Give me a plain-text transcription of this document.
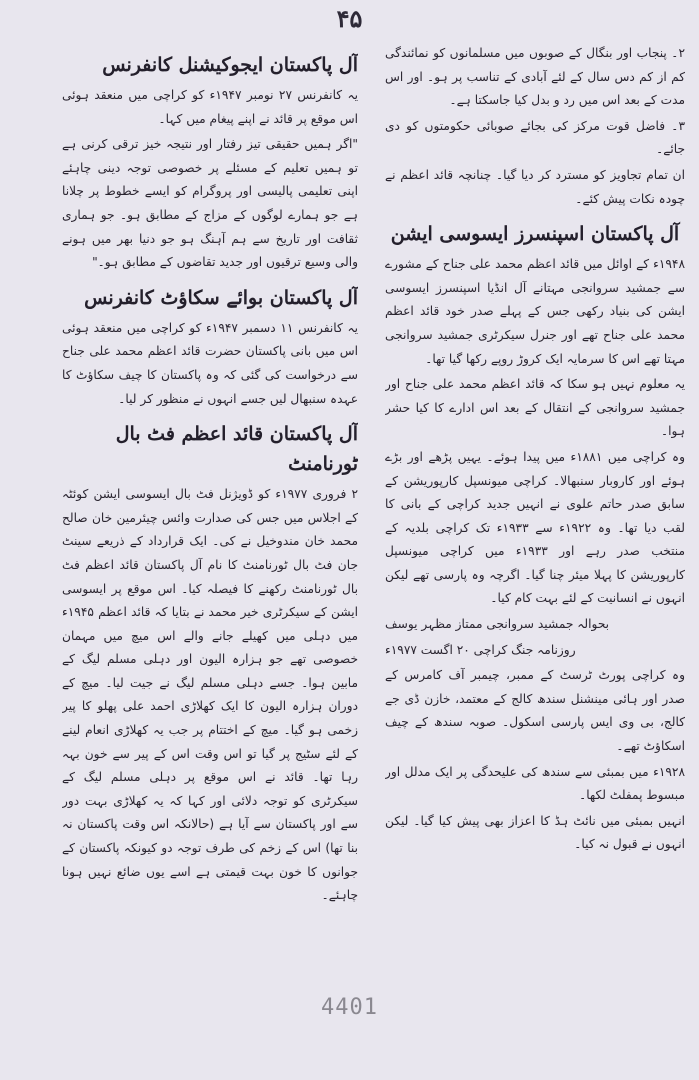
۴۵

۲۔ پنجاب اور بنگال کے صوبوں میں مسلمانوں کو نمائندگی کم از کم دس سال کے لئے آبادی کے تناسب پر ہو۔ اور اس مدت کے بعد اس میں رد و بدل کیا جاسکتا ہے۔

۳۔ فاضل قوت مرکز کی بجائے صوبائی حکومتوں کو دی جائے۔

ان تمام تجاویز کو مسترد کر دیا گیا۔ چنانچہ قائد اعظم نے چودہ نکات پیش کئے۔

آل پاکستان اسپنسرز ایسوسی ایشن

۱۹۴۸ء کے اوائل میں قائد اعظم محمد علی جناح کے مشورے سے جمشید سروانجی مہتانے آل انڈیا اسپنسرز ایسوسی ایشن کی بنیاد رکھی جس کے پہلے صدر خود قائد اعظم محمد علی جناح تھے اور جنرل سیکرٹری جمشید سروانجی مہتا تھے اس کا سرمایہ ایک کروڑ روپے رکھا گیا تھا۔

یہ معلوم نہیں ہو سکا کہ قائد اعظم محمد علی جناح اور جمشید سروانجی کے انتقال کے بعد اس ادارے کا کیا حشر ہوا۔

وہ کراچی میں ۱۸۸۱ء میں پیدا ہوئے۔ یہیں پڑھے اور بڑے ہوئے اور کاروبار سنبھالا۔ کراچی میونسپل کارپوریشن کے سابق صدر حاتم علوی نے انہیں جدید کراچی کے بانی کا لقب دیا تھا۔ وہ ۱۹۲۲ء سے ۱۹۳۳ء تک کراچی بلدیہ کے منتخب صدر رہے اور ۱۹۳۳ء میں کراچی میونسپل کارپوریشن کا پہلا میئر چنا گیا۔ اگرچہ وہ پارسی تھے لیکن انہوں نے انسانیت کے لئے بہت کام کیا۔

بحوالہ جمشید سروانجی ممتاز مظہر یوسف

روزنامہ جنگ کراچی ۲۰ اگست ۱۹۷۷ء

وہ کراچی پورٹ ٹرسٹ کے ممبر، چیمبر آف کامرس کے صدر اور ہائی مینشنل سندھ کالج کے معتمد، خازن ڈی جے کالج، بی وی ایس پارسی اسکول۔ صوبہ سندھ کے چیف اسکاؤٹ تھے۔

۱۹۲۸ء میں بمبئی سے سندھ کی علیحدگی پر ایک مدلل اور مبسوط پمفلٹ لکھا۔

انہیں بمبئی میں نائٹ ہڈ کا اعزاز بھی پیش کیا گیا۔ لیکن انہوں نے قبول نہ کیا۔

آل پاکستان ایجوکیشنل کانفرنس

یہ کانفرنس ۲۷ نومبر ۱۹۴۷ء کو کراچی میں منعقد ہوئی اس موقع پر قائد نے اپنے پیغام میں کہا۔

"اگر ہمیں حقیقی تیز رفتار اور نتیجہ خیز ترقی کرنی ہے تو ہمیں تعلیم کے مسئلے پر خصوصی توجہ دینی چاہئے اپنی تعلیمی پالیسی اور پروگرام کو ایسے خطوط پر چلانا ہے جو ہمارے لوگوں کے مزاج کے مطابق ہو۔ جو ہماری ثقافت اور تاریخ سے ہم آہنگ ہو جو دنیا بھر میں ہونے والی وسیع ترقیوں اور جدید تقاضوں کے مطابق ہو۔"

آل پاکستان بوائے سکاؤٹ کانفرنس

یہ کانفرنس ۱۱ دسمبر ۱۹۴۷ء کو کراچی میں منعقد ہوئی اس میں بانی پاکستان حضرت قائد اعظم محمد علی جناح سے درخواست کی گئی کہ وہ پاکستان کا چیف سکاؤٹ کا عہدہ سنبھال لیں جسے انہوں نے منظور کر لیا۔

آل پاکستان قائد اعظم فٹ بال ٹورنامنٹ

۲ فروری ۱۹۷۷ء کو ڈویژنل فٹ بال ایسوسی ایشن کوئٹہ کے اجلاس میں جس کی صدارت وائس چیئرمین خان صالح محمد خان مندوخیل نے کی۔ ایک قرارداد کے ذریعے سینٹ جان فٹ بال ٹورنامنٹ کا نام آل پاکستان قائد اعظم فٹ بال ٹورنامنٹ رکھنے کا فیصلہ کیا۔ اس موقع پر ایسوسی ایشن کے سیکرٹری خیر محمد نے بتایا کہ قائد اعظم ۱۹۴۵ء میں دہلی میں کھیلے جانے والے اس میچ میں مہمان خصوصی تھے جو ہزارہ الیون اور دہلی مسلم لیگ کے مابین ہوا۔ جسے دہلی مسلم لیگ نے جیت لیا۔ میچ کے دوران ہزارہ الیون کا ایک کھلاڑی احمد علی پھلو کا پیر زخمی ہو گیا۔ میچ کے اختتام پر جب یہ کھلاڑی انعام لینے کے لئے سٹیج پر گیا تو اس وقت اس کے پیر سے خون بہہ رہا تھا۔ قائد نے اس موقع پر دہلی مسلم لیگ کے سیکرٹری کو توجہ دلائی اور کہا کہ یہ کھلاڑی بہت دور سے اور پاکستان سے آیا ہے (حالانکہ اس وقت پاکستان نہ بنا تھا) اس کے زخم کی طرف توجہ دو کیونکہ پاکستان کے جوانوں کا خون بہت قیمتی ہے اسے یوں ضائع نہیں ہونا چاہئے۔

4401
